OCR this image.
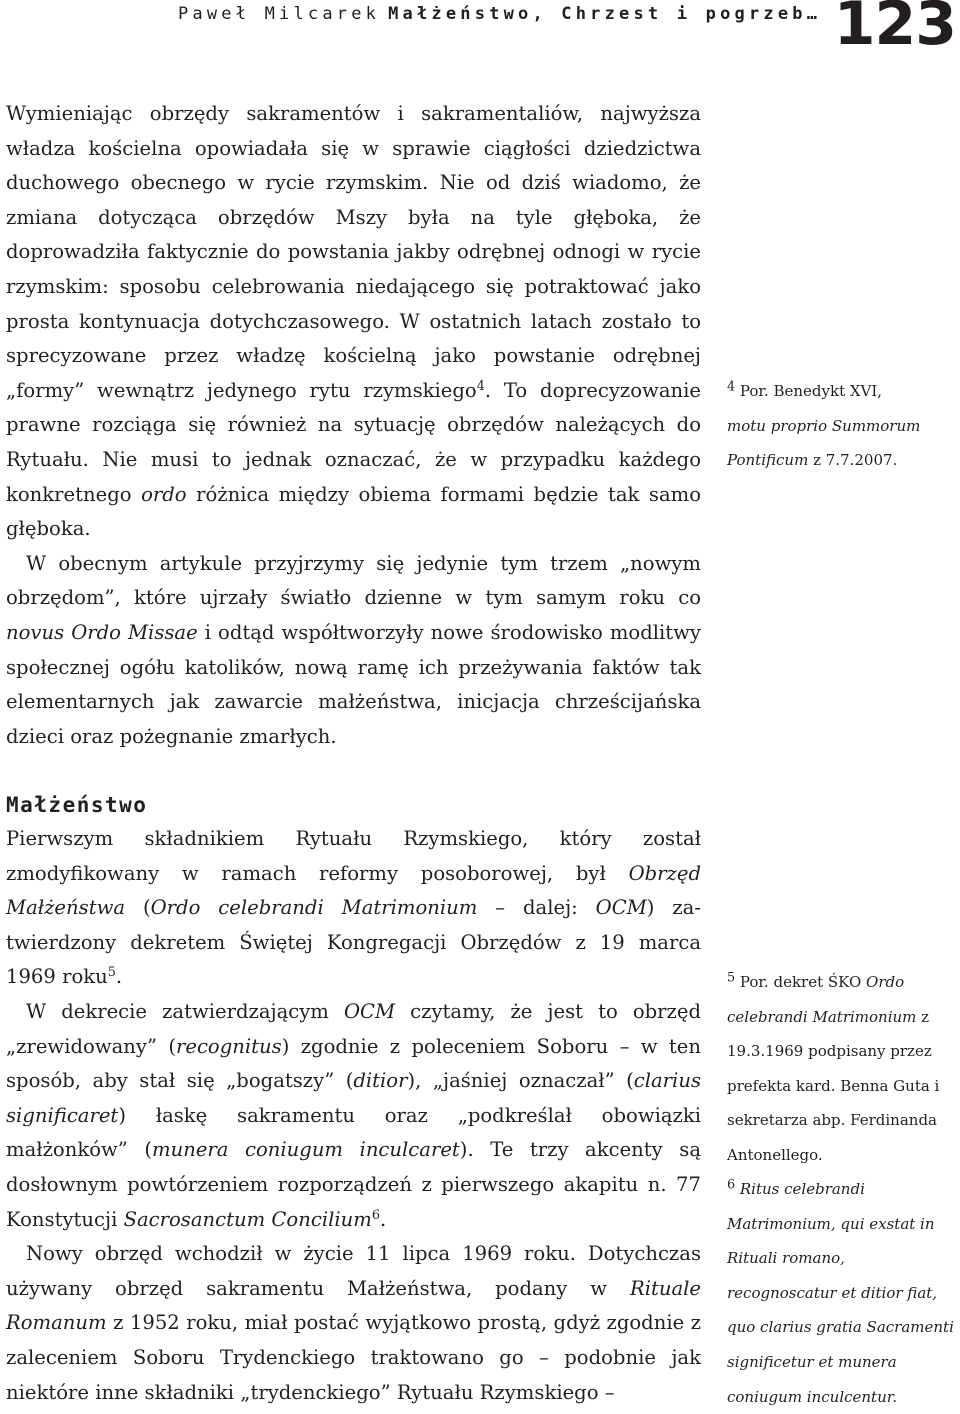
Paweł Milcarek Małżeństwo, Chrzest i pogrzeb… 123

Wymieniając obrzędy sakramentów i sakramentaliów, najwyższa władza kościelna opowiadała się w sprawie ciągłości dziedzictwa duchowego obecnego w rycie rzymskim. Nie od dziś wiadomo, że zmiana dotycząca obrzędów Mszy była na tyle głęboka, że doprowadziła faktycznie do powstania jakby odrębnej odnogi w rycie rzymskim: sposobu celebrowania niedającego się potraktować jako prosta kontynuacja dotychczasowego. W ostatnich latach zostało to sprecyzowane przez władzę kościelną jako powstanie odrębnej „formy” wewnątrz jedynego rytu rzymskiego$^4$. To doprecyzowanie prawne rozciąga się również na sytuację obrzędów należących do Rytuału. Nie musi to jednak oznaczać, że w przypadku każdego konkretnego ordo różnica między obiema formami będzie tak samo głęboka.

W obecnym artykule przyjrzymy się jedynie tym trzem „nowym obrzędom”, które ujrzały światło dzienne w tym samym roku co novus Ordo Missae i odtąd współtworzyły nowe środowisko modlitwy społecznej ogółu katolików, nową ramę ich przeżywania faktów tak elementarnych jak zawarcie małżeństwa, inicjacja chrześcijańska dzieci oraz pożegnanie zmarłych.

Małżeństwo

Pierwszym składnikiem Rytuału Rzymskiego, który został zmodyfikowany w ramach reformy posoborowej, był Obrzęd Małżeństwa (Ordo celebrandi Matrimonium – dalej: OCM) zatwierdzony dekretem Świętej Kongregacji Obrzędów z 19 marca 1969 roku$^5$.

W dekrecie zatwierdzającym OCM czytamy, że jest to obrzęd „zrewidowany” (recognitus) zgodnie z poleceniem Soboru – w ten sposób, aby stał się „bogatszy” (ditior), „jaśniej oznaczał” (clarius significaret) łaskę sakramentu oraz „podkreślał obowiązki małżonków” (munera coniugum inculcaret). Te trzy akcenty są dosłownym powtórzeniem rozporządzeń z pierwszego akapitu n. 77 Konstytucji Sacrosanctum Concilium$^6$.

Nowy obrzęd wchodził w życie 11 lipca 1969 roku. Dotychczas używany obrzęd sakramentu Małżeństwa, podany w Rituale Romanum z 1952 roku, miał postać wyjątkowo prostą, gdyż zgodnie z zaleceniem Soboru Trydenckiego traktowano go – podobnie jak niektóre inne składniki „trydenckiego” Rytuału Rzymskiego –

$^4$ Por. Benedykt XVI,
motu proprio Summorum Pontificum z 7.7.2007.
$^5$ Por. dekret ŚKO Ordo celebrandi Matrimonium z 19.3.1969 podpisany przez prefekta kard. Benna Guta i sekretarza abp. Ferdinanda Antonellego.
$^6$ Ritus celebrandi Matrimonium, qui exstat in Rituali romano, recognoscatur et ditior fiat, quo clarius gratia Sacramenti significetur et munera coniugum inculcentur.
